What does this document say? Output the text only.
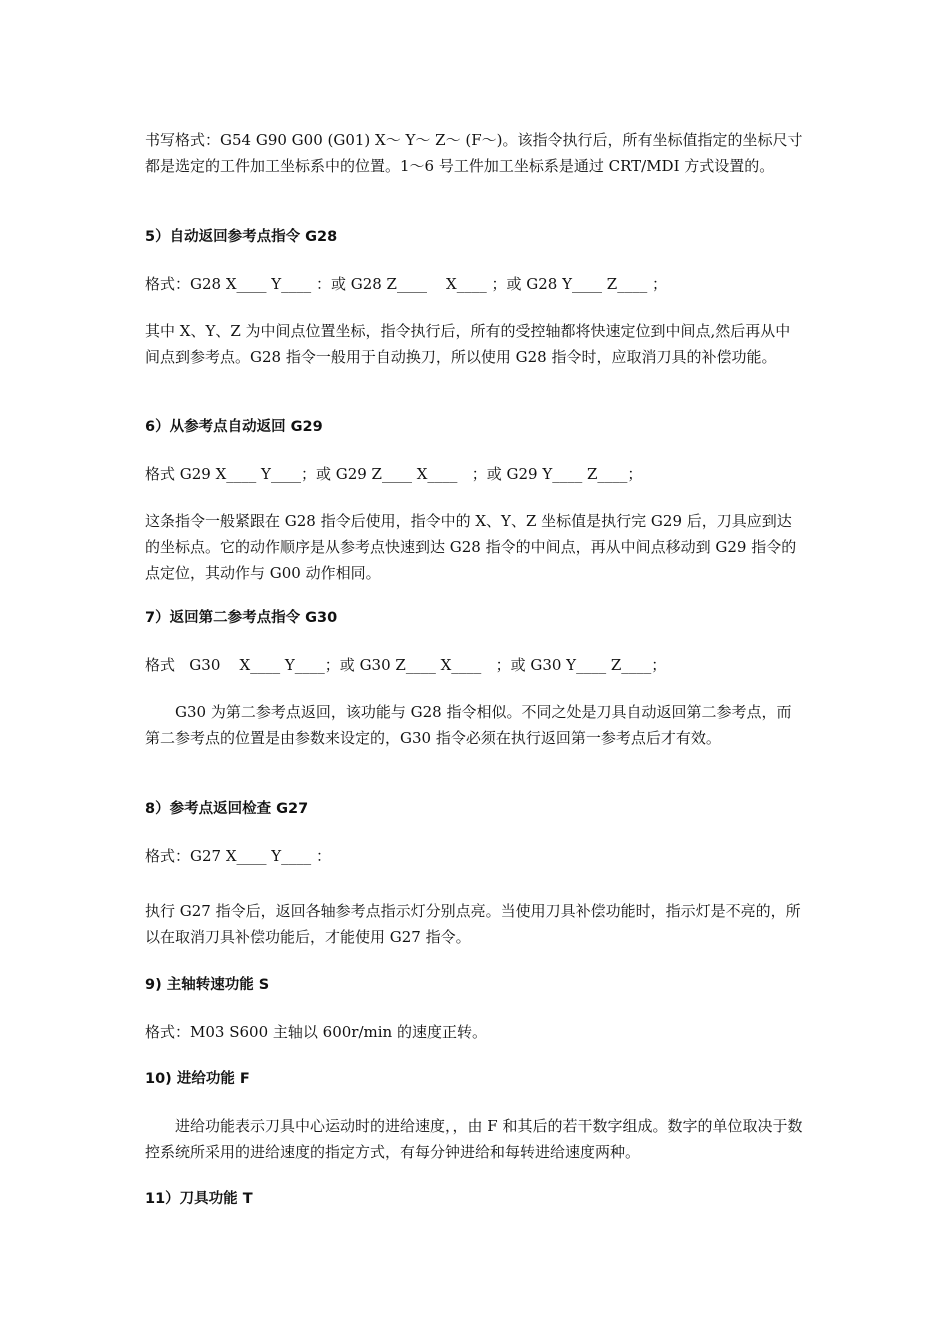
书写格式：G54 G90 G00 (G01) X～ Y～ Z～ (F～)。该指令执行后，所有坐标值指定的坐标尺寸都是选定的工件加工坐标系中的位置。1～6 号工件加工坐标系是通过 CRT/MDI 方式设置的。

5）自动返回参考点指令 G28

格式：G28 X____ Y____ ：或 G28 Z____    X____ ；或 G28 Y____ Z____ ；

其中 X、Y、Z 为中间点位置坐标，指令执行后，所有的受控轴都将快速定位到中间点,然后再从中间点到参考点。G28 指令一般用于自动换刀，所以使用 G28 指令时，应取消刀具的补偿功能。

6）从参考点自动返回 G29

格式 G29 X____ Y____；或 G29 Z____ X____   ；或 G29 Y____ Z____；

这条指令一般紧跟在 G28 指令后使用，指令中的 X、Y、Z 坐标值是执行完 G29 后，刀具应到达的坐标点。它的动作顺序是从参考点快速到达 G28 指令的中间点，再从中间点移动到 G29 指令的点定位，其动作与 G00 动作相同。

7）返回第二参考点指令 G30

格式   G30    X____ Y____；或 G30 Z____ X____   ；或 G30 Y____ Z____；

G30 为第二参考点返回，该功能与 G28 指令相似。不同之处是刀具自动返回第二参考点，而第二参考点的位置是由参数来设定的，G30 指令必须在执行返回第一参考点后才有效。

8）参考点返回检查 G27

格式：G27 X____ Y____ ：

执行 G27 指令后，返回各轴参考点指示灯分别点亮。当使用刀具补偿功能时，指示灯是不亮的，所以在取消刀具补偿功能后，才能使用 G27 指令。

9) 主轴转速功能 S

格式：M03 S600 主轴以 600r/min 的速度正转。

10) 进给功能 F

进给功能表示刀具中心运动时的进给速度，，由 F 和其后的若干数字组成。数字的单位取决于数控系统所采用的进给速度的指定方式，有每分钟进给和每转进给速度两种。

11）刀具功能 T
